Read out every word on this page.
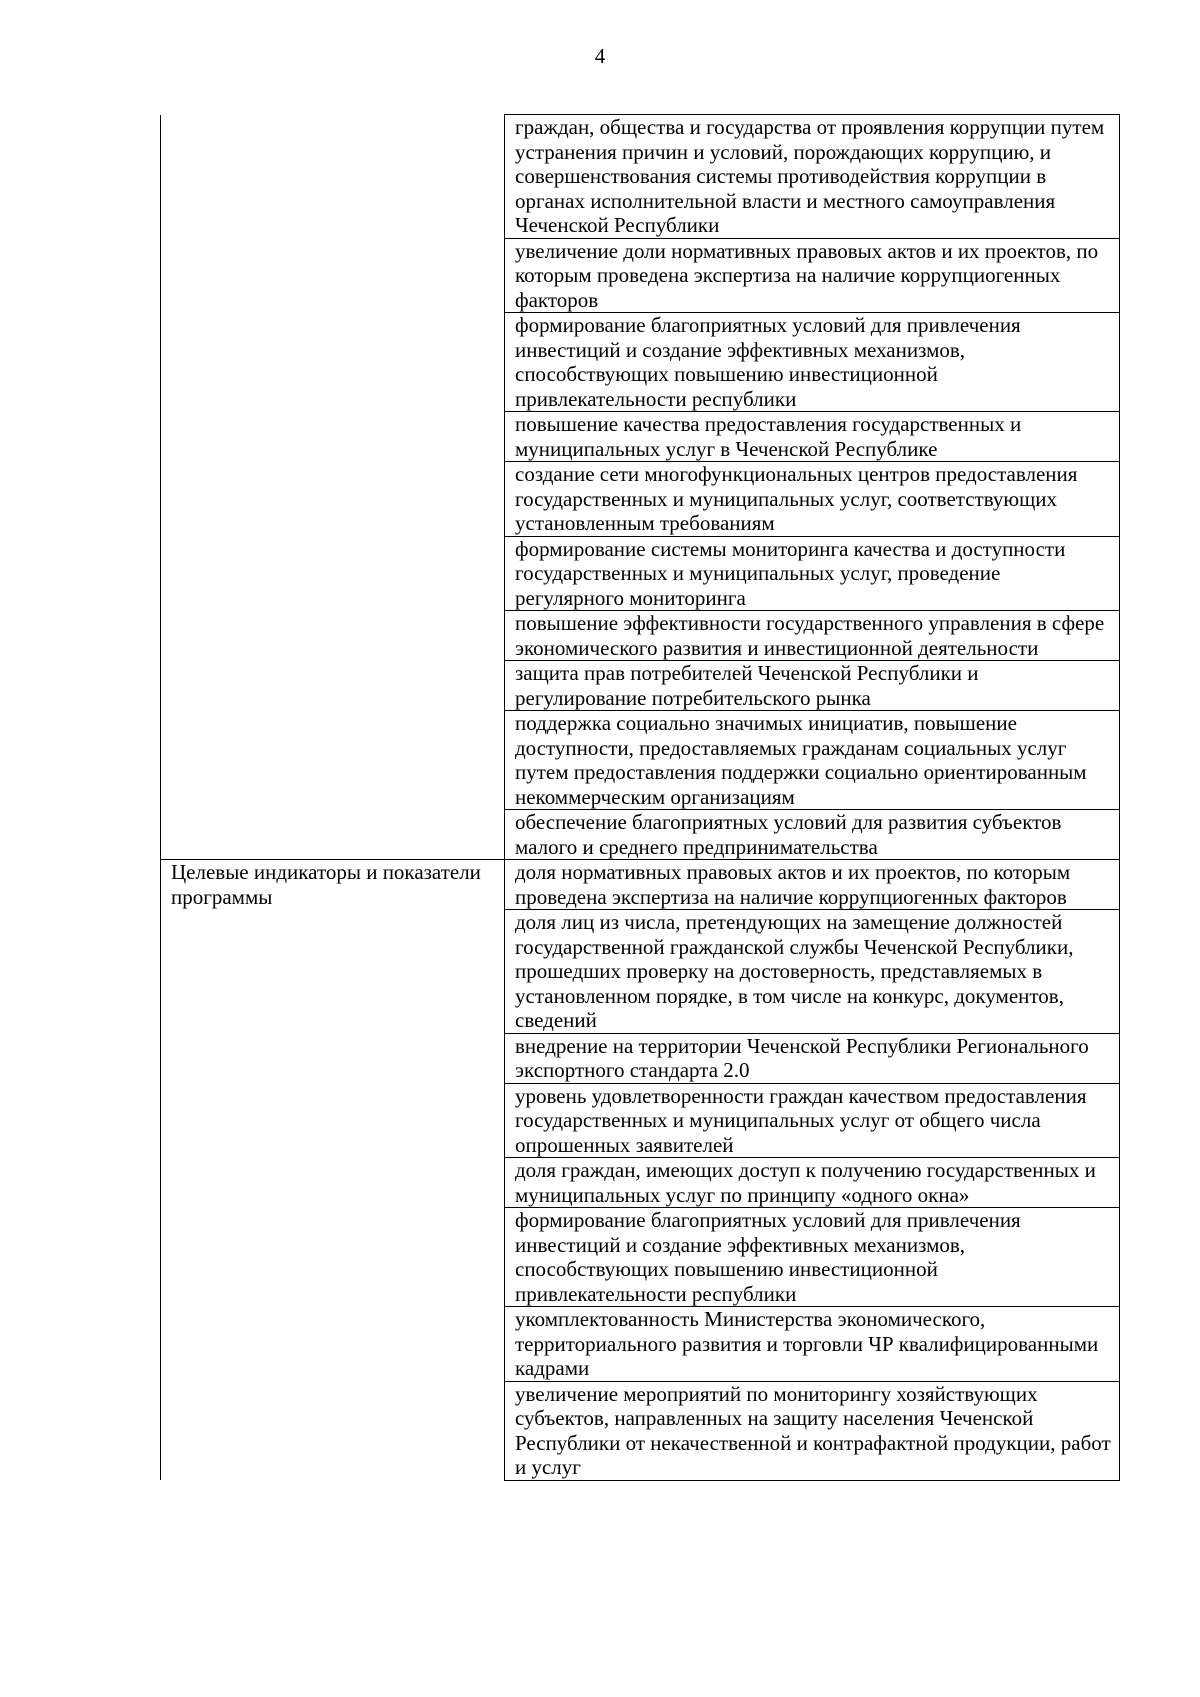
4
	граждан, общества и государства от проявления коррупции путем устранения причин и условий, порождающих коррупцию, и совершенствования системы противодействия коррупции в органах исполнительной власти и местного самоуправления Чеченской Республики
	увеличение доли нормативных правовых актов и их проектов, по которым проведена экспертиза на наличие коррупциогенных факторов
	формирование благоприятных условий для привлечения инвестиций и создание эффективных механизмов, способствующих повышению инвестиционной привлекательности республики
	повышение качества предоставления государственных и муниципальных услуг в Чеченской Республике
	создание сети многофункциональных центров предоставления государственных и муниципальных услуг, соответствующих установленным требованиям
	формирование системы мониторинга качества и доступности государственных и муниципальных услуг, проведение регулярного мониторинга
	повышение эффективности государственного управления в сфере экономического развития и инвестиционной деятельности
	защита прав потребителей Чеченской Республики и регулирование потребительского рынка
	поддержка социально значимых инициатив, повышение доступности, предоставляемых гражданам социальных услуг путем предоставления поддержки социально ориентированным некоммерческим организациям
	обеспечение благоприятных условий для развития субъектов малого и среднего предпринимательства
Целевые индикаторы и показатели программы	доля нормативных правовых актов и их проектов, по которым проведена экспертиза на наличие коррупциогенных факторов
	доля лиц из числа, претендующих на замещение должностей государственной гражданской службы Чеченской Республики, прошедших проверку на достоверность, представляемых в установленном порядке, в том числе на конкурс, документов, сведений
	внедрение на территории Чеченской Республики Регионального экспортного стандарта 2.0
	уровень удовлетворенности граждан качеством предоставления государственных и муниципальных услуг от общего числа опрошенных заявителей
	доля граждан, имеющих доступ к получению государственных и муниципальных услуг по принципу «одного окна»
	формирование благоприятных условий для привлечения инвестиций и создание эффективных механизмов, способствующих повышению инвестиционной привлекательности республики
	укомплектованность Министерства экономического, территориального развития и торговли ЧР квалифицированными кадрами
	увеличение мероприятий по мониторингу хозяйствующих субъектов, направленных на защиту населения Чеченской Республики от некачественной и контрафактной продукции, работ и услуг
